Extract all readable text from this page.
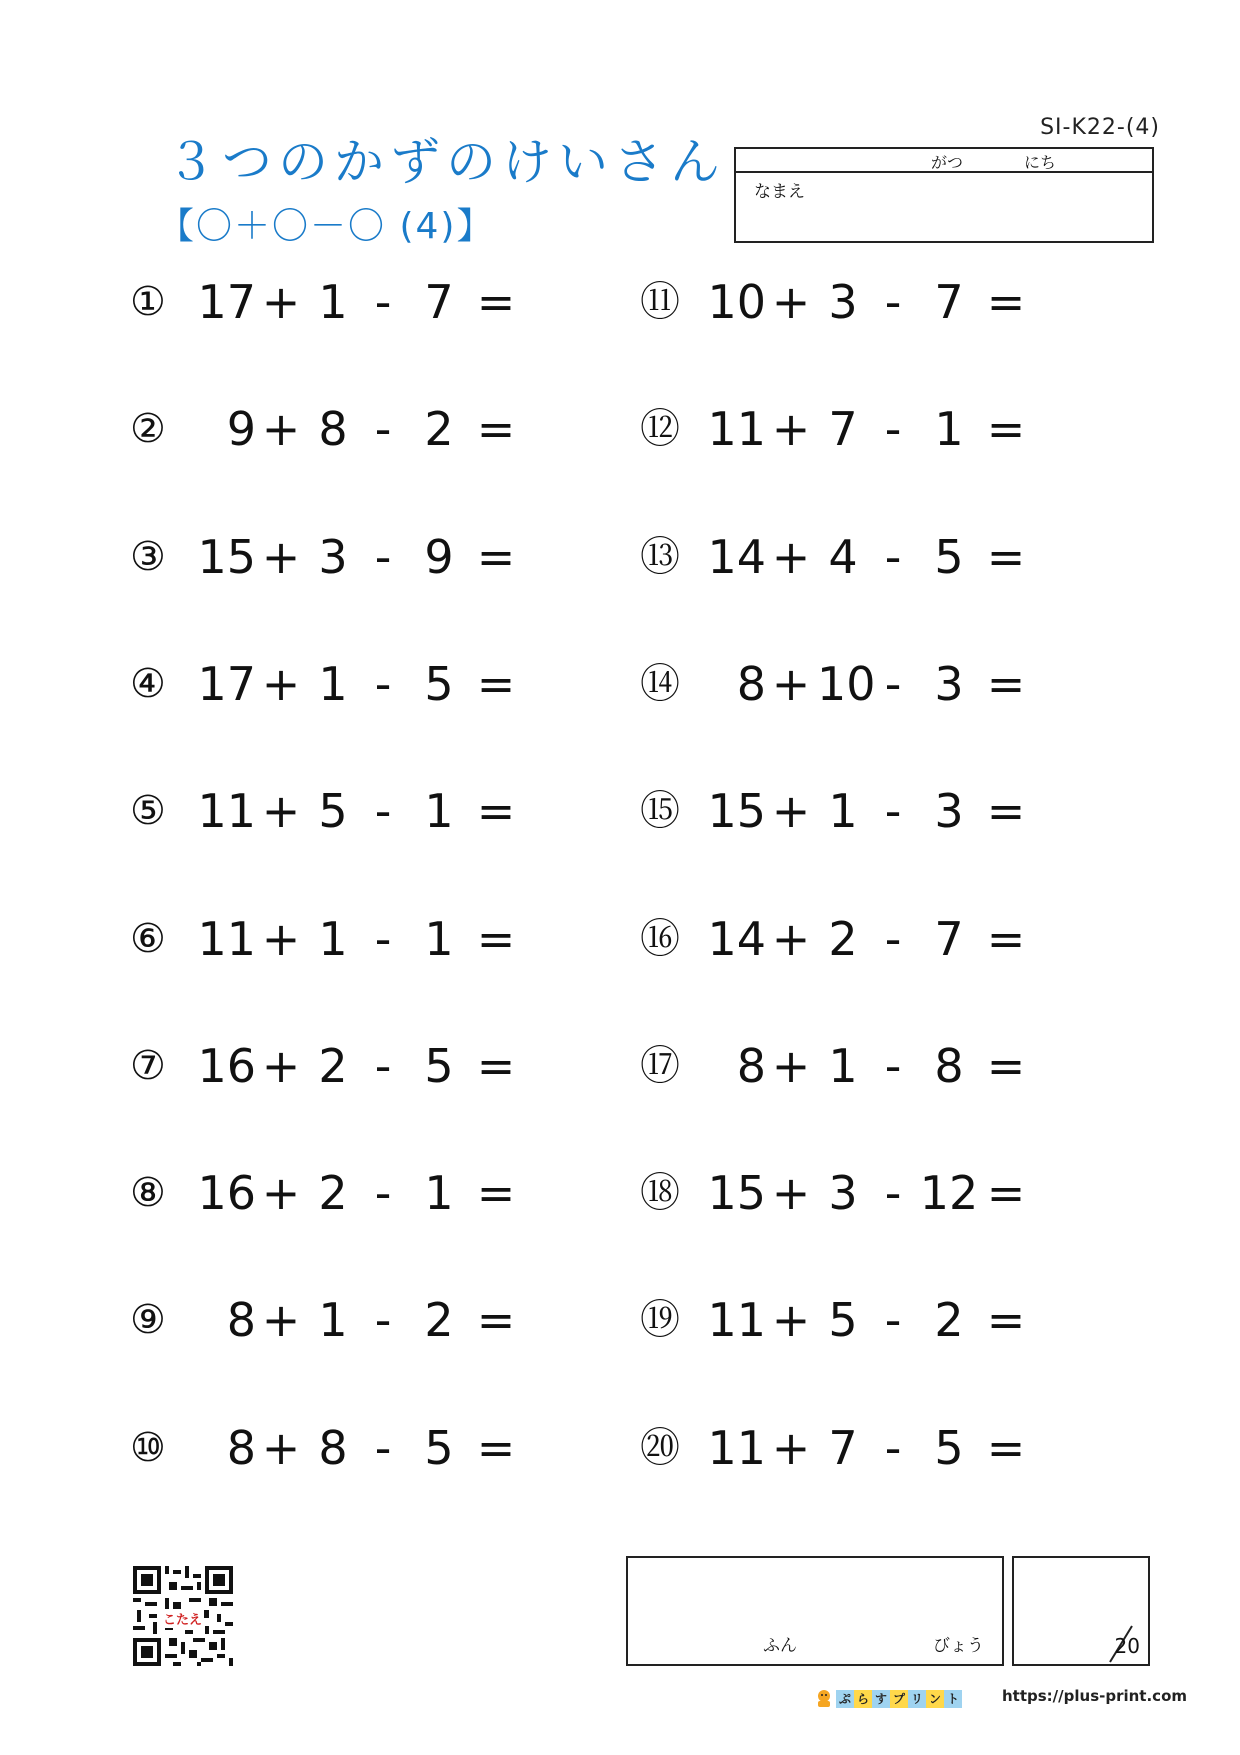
SI-K22-(4)
３つのかずのけいさん
【〇＋〇－〇 (4)】
がつ	にち
なまえ
① 17 + 1 - 7 =
②	9 + 8 - 2 =
③ 15 + 3 - 9 =
④ 17 + 1 - 5 =
⑤ 11 + 5 - 1 =
⑥ 11 + 1 - 1 =
⑦ 16 + 2 - 5 =
⑧ 16 + 2 - 1 =
⑨	8 + 1 - 2 =
⑩	8 + 8 - 5 =
⑪ 10 + 3 - 7 =
⑫ 11 + 7 - 1 =
⑬ 14 + 4 - 5 =
⑭	8 + 10 - 3 =
⑮ 15 + 1 - 3 =
⑯ 14 + 2 - 7 =
⑰	8 + 1 - 8 =
⑱ 15 + 3 - 12 =
⑲ 11 + 5 - 2 =
⑳ 11 + 7 - 5 =
こたえ
ふん	びょう	20
ぷ ら す プ リ ン ト	https://plus-print.com
